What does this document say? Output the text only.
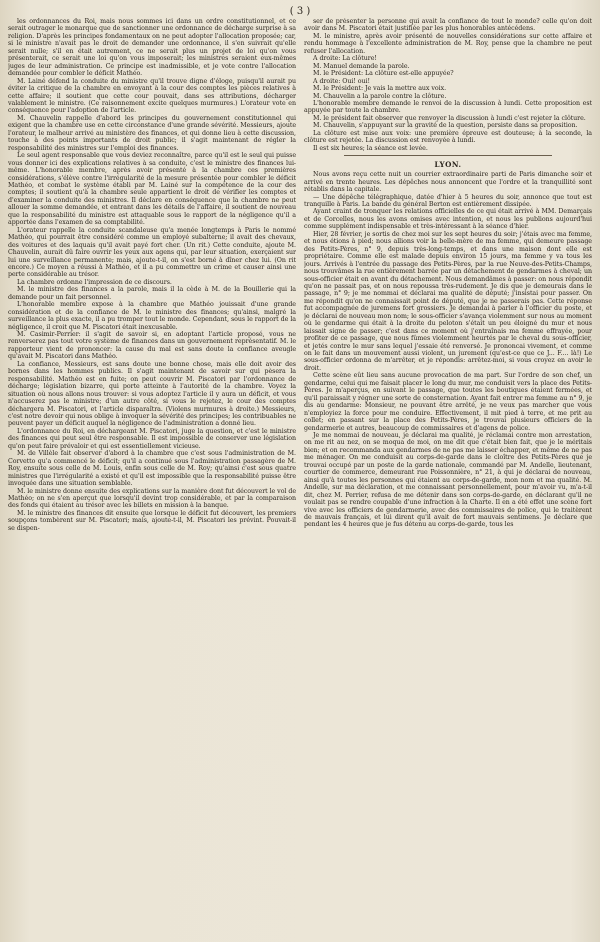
( 3 )

les ordonnances du Roi, mais nous sommes ici dans un ordre constitutionnel, et ce serait outrager le monarque que de sanctionner une ordonnance de décharge surprise à sa religion. D'après les principes fondamentaux on ne peut adopter l'allocation proposée; car, si le ministre n'avait pas le droit de demander une ordonnance, il s'en suivrait qu'elle serait nulle; s'il en était autrement, ce ne serait plus un projet de loi qu'on vous présenterait, ce serait une loi qu'on vous imposerait; les ministres seraient eux-mêmes juges de leur administration. Ce principe est inadmissible, et je vote contre l'allocation demandée pour combler le déficit Mathéo.

M. Lainé défend la conduite du ministre qu'il trouve digne d'éloge, puisqu'il aurait pu éviter la critique de la chambre en envoyant à la cour des comptes les pièces relatives à cette affaire; il soutient que cette cour pouvait, dans ses attributions, décharger valablement le ministre. (Ce raisonnement excite quelques murmures.) L'orateur vote en conséquence pour l'adoption de l'article.

M. Chauvelin rappelle d'abord les principes du gouvernement constitutionnel qui exigent que la chambre use en cette circonstance d'une grande sévérité. Messieurs, ajoute l'orateur, le malheur arrivé au ministère des finances, et qui donne lieu à cette discussion, touche à des points importants de droit public; il s'agit maintenant de régler la responsabilité des ministres sur l'emploi des finances.

Le seul agent responsable que vous deviez reconnaître, parce qu'il est le seul qui puisse vous donner ici des explications relatives à sa conduite, c'est le ministre des finances lui-même. L'honorable membre, après avoir présenté à la chambre ces premières considérations, s'élève contre l'irrégularité de la mesure présentée pour combler le déficit Mathéo, et combat le système établi par M. Lainé sur la compétence de la cour des comptes; il soutient qu'à la chambre seule appartient le droit de vérifier les comptes et d'examiner la conduite des ministres. Il déclare en conséquence que la chambre ne peut allouer la somme demandée, et entrant dans les détails de l'affaire, il soutient de nouveau que la responsabilité du ministre est attaquable sous le rapport de la négligence qu'il a apportée dans l'examen de sa comptabilité.

L'orateur rappelle la conduite scandaleuse qu'a menée longtemps à Paris le nommé Mathéo, qui pourrait être considéré comme un employé subalterne; il avait des chevaux, des voitures et des laquais qu'il avait payé fort cher. (Un rit.) Cette conduite, ajoute M. Chauvelin, aurait dû faire ouvrir les yeux aux agens qui, par leur situation, exerçaient sur lui une surveillance permanente; mais, ajoute-t-il, on s'est borné à dîner chez lui. (On rit encore.) Ce moyen a réussi à Mathéo, et il a pu commettre un crime et causer ainsi une perte considérable au trésor.

La chambre ordonne l'impression de ce discours.

M. le ministre des finances a la parole, mais il la cède à M. de la Bouillerie qui la demande pour un fait personnel.

L'honorable membre expose à la chambre que Mathéo jouissait d'une grande considération et de la confiance de M. le ministre des finances; qu'ainsi, malgré la surveillance la plus exacte, il a pu tromper tout le monde. Cependant, sous le rapport de la négligence, il croit que M. Piscatori était inexcusable.

M. Casimir-Perrier: il s'agit de savoir si, en adoptant l'article proposé, vous ne renverserez pas tout votre système de finances dans un gouvernement représentatif. M. le rapporteur vient de prononcer: la cause du mal est sans doute la confiance aveugle qu'avait M. Piscatori dans Mathéo.

La confiance, Messieurs, est sans doute une bonne chose, mais elle doit avoir des bornes dans les hommes publics. Il s'agit maintenant de savoir sur qui pèsera la responsabilité. Mathéo est en fuite; on peut couvrir M. Piscatori par l'ordonnance de décharge; législation bizarre, qui porte atteinte à l'autorité de la chambre. Voyez la situation où nous allons nous trouver: si vous adoptez l'article il y aura un déficit, et vous n'accuserez pas le ministre; d'un autre côté, si vous le rejetez, le cour des comptes déchargera M. Piscatori, et l'article disparaîtra. (Violens murmures à droite.) Messieurs, c'est notre devoir qui nous oblige à invoquer la sévérité des principes; les contribuables ne peuvent payer un déficit auquel la négligence de l'administration a donné lieu.

L'ordonnance du Roi, en déchargeant M. Piscatori, juge la question, et c'est le ministre des finances qui peut seul être responsable. Il est impossible de conserver une législation qu'on peut faire prévaloir et qui est essentiellement vicieuse.

M. de Villèle fait observer d'abord à la chambre que c'est sous l'administration de M. Corvetto qu'a commencé le déficit; qu'il a continué sous l'administration passagère de M. Roy, ensuite sous celle de M. Louis, enfin sous celle de M. Roy; qu'ainsi c'est sous quatre ministres que l'irrégularité a existé et qu'il est impossible que la responsabilité puisse être invoquée dans une situation semblable.

M. le ministre donne ensuite des explications sur la manière dont fut découvert le vol de Mathéo; on ne s'en aperçut que lorsqu'il devint trop considérable, et par la comparaison des fonds qui étaient au trésor avec les billets en mission à la banque.

M. le ministre des finances dit ensuite que lorsque le déficit fut découvert, les premiers soupçons tombèrent sur M. Piscatori; mais, ajoute-t-il, M. Piscatori les prévint. Pouvait-il se dispen-

ser de présenter la personne qui avait la confiance de tout le monde? celle qu'on doit avoir dans M. Piscatori était justifiée par les plus honorables antécédens.

M. le ministre, après avoir présenté de nouvelles considérations sur cette affaire et rendu hommage à l'excellente administration de M. Roy, pense que la chambre ne peut refuser l'allocation.

A droite: La clôture!

M. Manuel demande la parole.

M. le Président: La clôture est-elle appuyée?

A droite: Oui! oui!

M. le Président: Je vais la mettre aux voix.

M. Chauvelin a la parole contre la clôture.

L'honorable membre demande le renvoi de la discussion à lundi. Cette proposition est appuyée par toute la chambre.

M. le président fait observer que renvoyer la discussion à lundi c'est rejeter la clôture.

M. Chauvelin, s'appuyant sur la gravité de la question, persiste dans sa proposition.

La clôture est mise aux voix: une première épreuve est douteuse; à la seconde, la clôture est rejetée. La discussion est renvoyée à lundi.

Il est six heures; la séance est levée.

LYON.

Nous avons reçu cette nuit un courrier extraordinaire parti de Paris dimanche soir et arrivé en trente heures. Les dépêches nous annoncent que l'ordre et la tranquillité sont rétablis dans la capitale.

— Une dépêche télégraphique, datée d'hier à 5 heures du soir, annonce que tout est tranquille à Paris. La bande du général Berton est entièrement dissipée.

Ayant craint de tronquer les relations officielles de ce qui était arrivé à MM. Demarçais et de Corcelles, nous les avons omises avec intention, et nous les publions aujourd'hui comme supplément indispensable et très-intéressant à la séance d'hier.

Hier, 28 février, je sortis de chez moi sur les sept heures du soir; j'étais avec ma femme, et nous étions à pied; nous allions voir la belle-mère de ma femme, qui demeure passage des Petits-Pères, n° 9, depuis très-long-temps, et dans une maison dont elle est propriétaire. Comme elle est malade depuis environ 15 jours, ma femme y va tous les jours. Arrivés à l'entrée du passage des Petits-Pères, par la rue Neuve-des-Petits-Champs, nous trouvâmes la rue entièrement barrée par un détachement de gendarmes à cheval; un sous-officier était en avant du détachement. Nous demandâmes à passer: on nous répondit qu'on ne passait pas, et on nous repoussa très-rudement. Je dis que je demeurais dans le passage, n° 9; je me nommai et déclarai ma qualité de député; j'insistai pour passer. On me répondit qu'on ne connaissait point de député, que je ne passerais pas. Cette réponse fut accompagnée de juremens fort grossiers. Je demandai à parler à l'officier du poste, et je déclarai de nouveau mon nom; le sous-officier s'avança violemment sur nous au moment où le gendarme qui était à la droite du peloton s'était un peu éloigné du mur et nous laissait signe de passer; c'est dans ce moment où j'entraînais ma femme effrayée, pour profiter de ce passage, que nous fûmes violemment heurtés par le cheval du sous-officier, et jetés contre le mur sans lequel j'essaie été renversé. Je prononcai vivement, et comme on le fait dans un mouvement aussi violent, un jurement (qu'est-ce que ce J... F.... là!) Le sous-officier ordonna de m'arrêter, et je répondis: arrêtez-moi, si vous croyez en avoir le droit.

Cette scène eût lieu sans aucune provocation de ma part. Sur l'ordre de son chef, un gendarme, celui qui me faisait placer le long du mur, me conduisit vers la place des Petits-Pères. Je m'aperçus, en suivant le passage, que toutes les boutiques étaient fermées, et qu'il paraissait y régner une sorte de consternation. Ayant fait entrer ma femme au n° 9, je dis au gendarme: Monsieur, ne pouvant être arrêté, je ne veux pas marcher que vous n'employiez la force pour me conduire. Effectivement, il mit pied à terre, et me prit au collet; en passant sur la place des Petits-Pères, je trouvai plusieurs officiers de la gendarmerie et autres, beaucoup de commissaires et d'agens de police.

Je me nommai de nouveau, je déclarai ma qualité, je réclamai contre mon arrestation, on me rit au nez, on se moqua de moi, on me dit que c'était bien fait, que je le méritais bien; et on recommanda aux gendarmes de ne pas me laisser échapper, et même de ne pas me ménager. On me conduisit au corps-de-garde dans le cloître des Petits-Pères que je trouvai occupé par un poste de la garde nationale, commandé par M. Andelle, lieutenant, courtier de commerce, demeurant rue Poissonnière, n° 21, à qui je déclarai de nouveau, ainsi qu'à toutes les personnes qui étaient au corps-de-garde, mon nom et ma qualité. M. Andelle, sur ma déclaration, et me connaissant personnellement, pour m'avoir vu, m'a-t-il dit, chez M. Perrier, refusa de me détenir dans son corps-de-garde, en déclarant qu'il ne voulait pas se rendre coupable d'une infraction à la Charte. Il en a été effet une scène fort vive avec les officiers de gendarmerie, avec des commissaires de police, qui le traitèrent de mauvais français, et lui dirent qu'il avait de fort mauvais sentimens. Je déclare que pendant les 4 heures que je fus détenu au corps-de-garde, tous les
